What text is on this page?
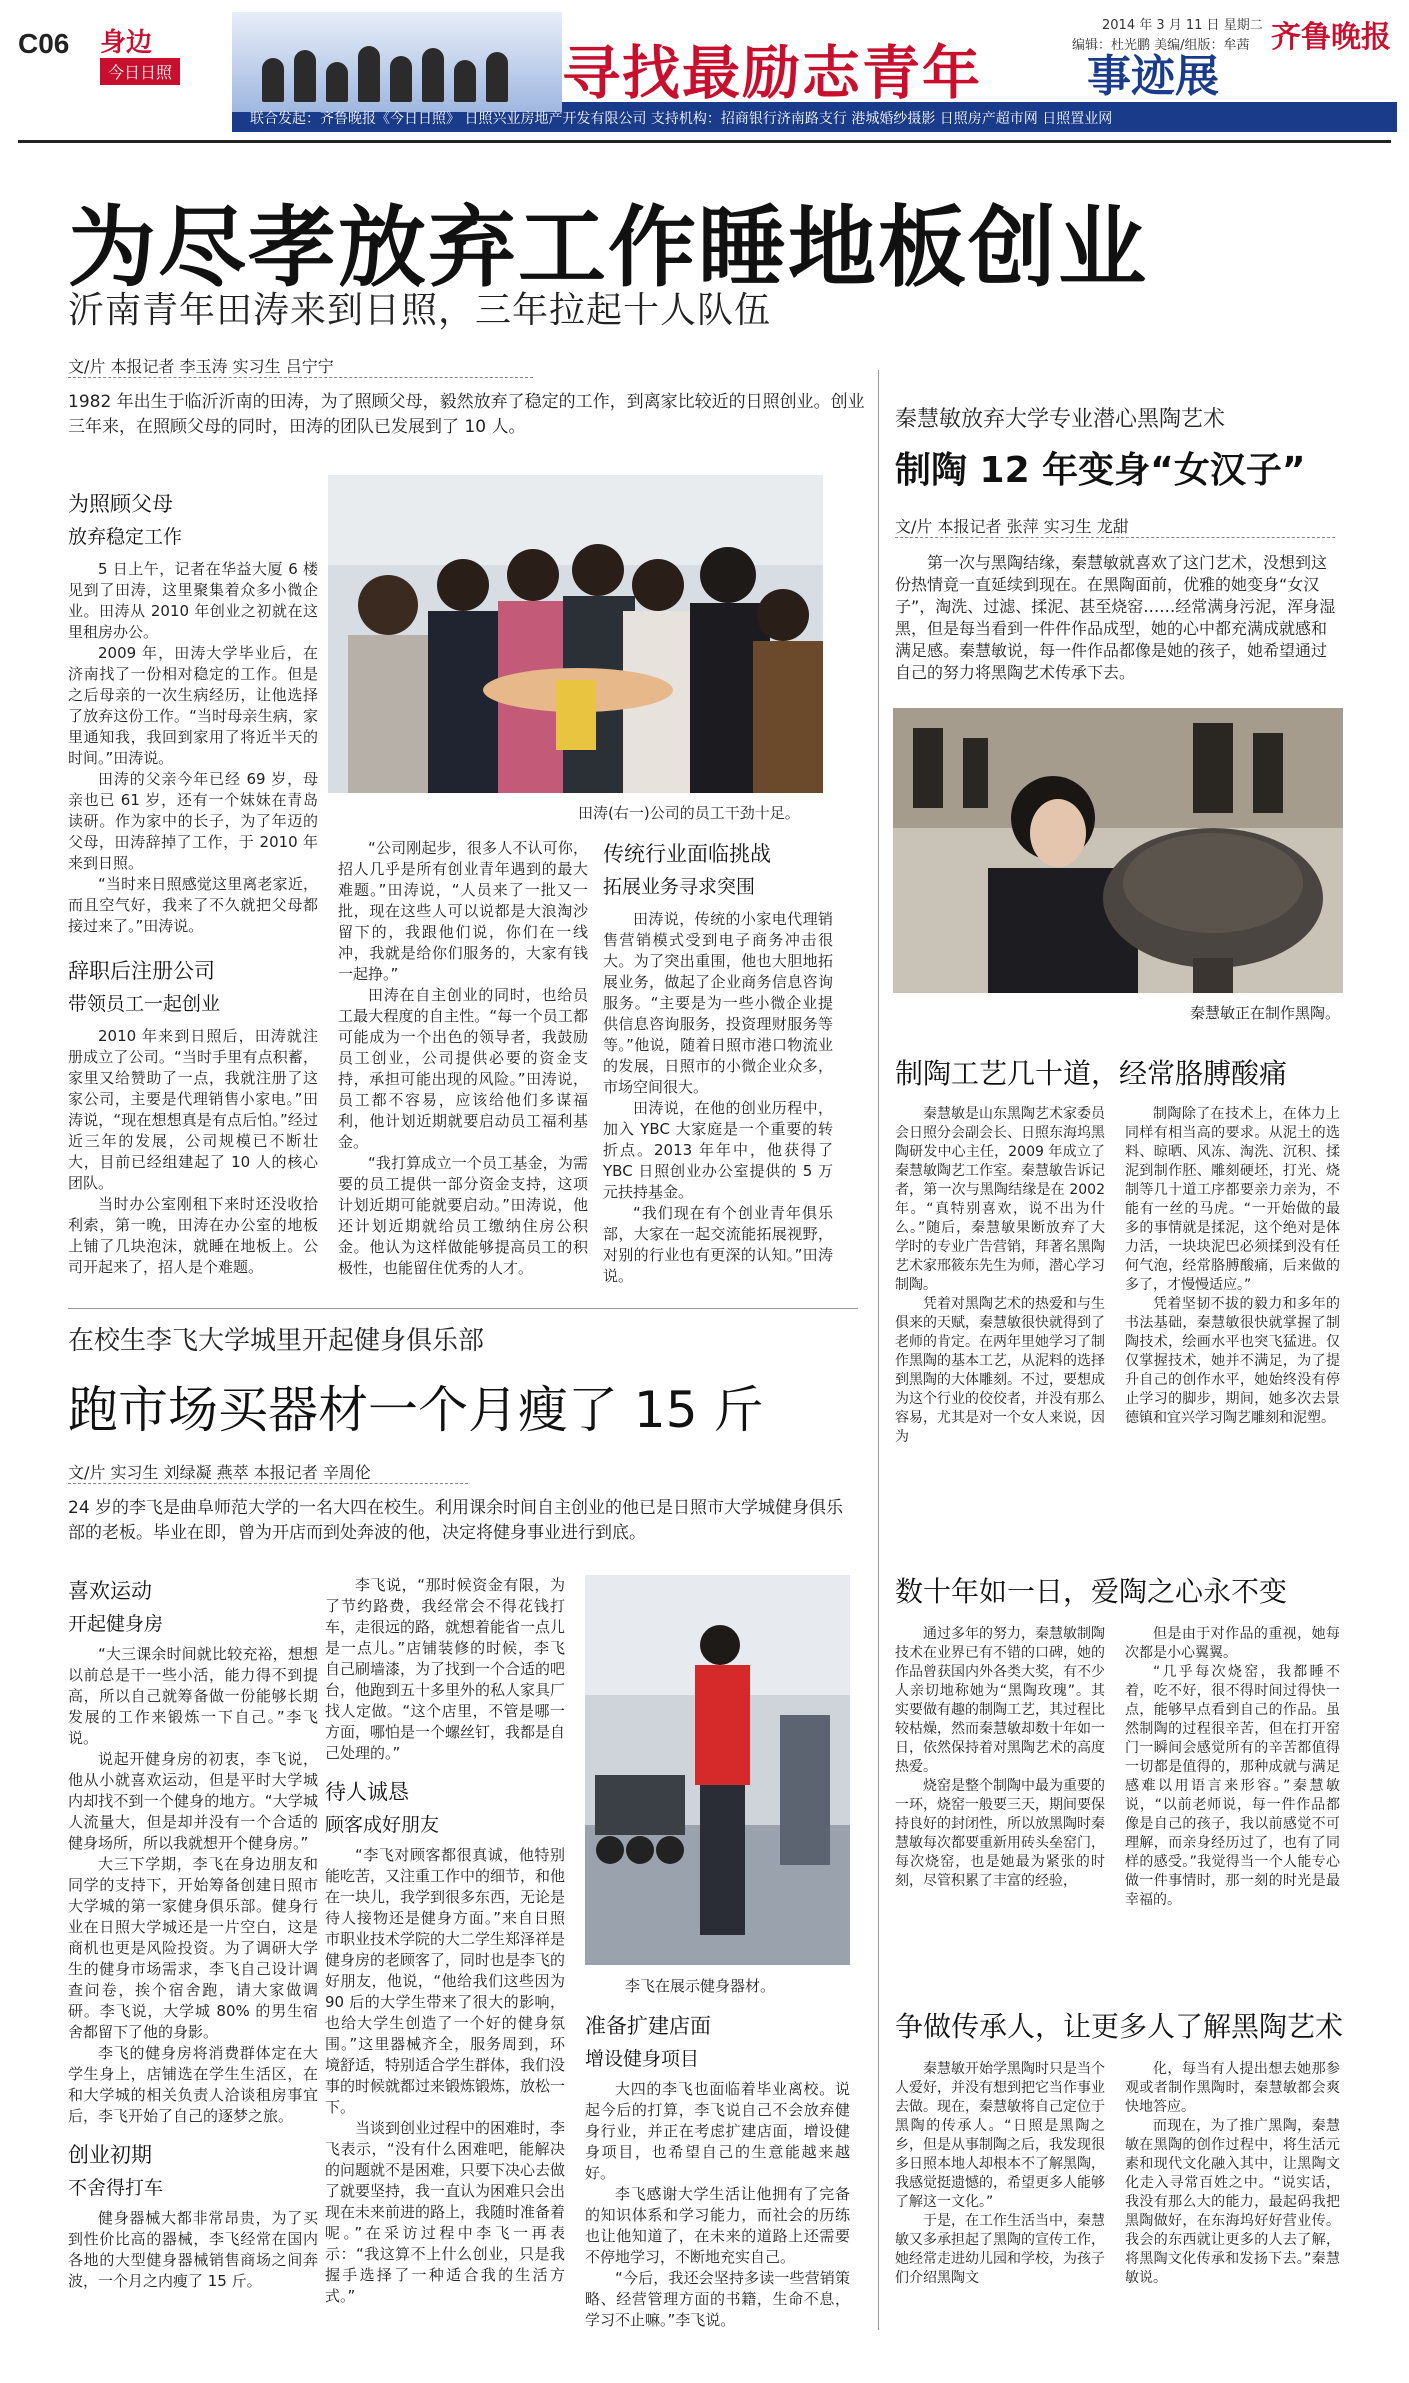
C06 身边
今日日照	寻找最励志青年 事迹展
2014 年 3 月 11 日 星期二
编辑：杜光鹏 美编/组版：牟茜 齐鲁晚报
联合发起：齐鲁晚报《今日日照》 日照兴业房地产开发有限公司 支持机构：招商银行济南路支行 港城婚纱摄影 日照房产超市网 日照置业网
为尽孝放弃工作睡地板创业
沂南青年田涛来到日照，三年拉起十人队伍
文/片 本报记者 李玉涛 实习生 吕宁宁
1982 年出生于临沂沂南的田涛，为了照顾父母，毅然放弃了稳定的工作，到离家比较近的日照创业。创业三年来，在照顾父母的同时，田涛的团队已发展到了 10 人。
为照顾父母
放弃稳定工作

5 日上午，记者在华益大厦 6 楼见到了田涛，这里聚集着众多小微企业。田涛从 2010 年创业之初就在这里租房办公。

2009 年，田涛大学毕业后，在济南找了一份相对稳定的工作。但是之后母亲的一次生病经历，让他选择了放弃这份工作。“当时母亲生病，家里通知我，我回到家用了将近半天的时间。”田涛说。

田涛的父亲今年已经 69 岁，母亲也已 61 岁，还有一个妹妹在青岛读研。作为家中的长子，为了年迈的父母，田涛辞掉了工作，于 2010 年来到日照。

“当时来日照感觉这里离老家近，而且空气好，我来了不久就把父母都接过来了。”田涛说。

辞职后注册公司
带领员工一起创业

2010 年来到日照后，田涛就注册成立了公司。“当时手里有点积蓄，家里又给赞助了一点，我就注册了这家公司，主要是代理销售小家电。”田涛说，“现在想想真是有点后怕。”经过近三年的发展，公司规模已不断壮大，目前已经组建起了 10 人的核心团队。

当时办公室刚租下来时还没收拾利索，第一晚，田涛在办公室的地板上铺了几块泡沫，就睡在地板上。公司开起来了，招人是个难题。

田涛(右一)公司的员工干劲十足。

“公司刚起步，很多人不认可你，招人几乎是所有创业青年遇到的最大难题。”田涛说，“人员来了一批又一批，现在这些人可以说都是大浪淘沙留下的，我跟他们说，你们在一线冲，我就是给你们服务的，大家有钱一起挣。”

田涛在自主创业的同时，也给员工最大程度的自主性。“每一个员工都可能成为一个出色的领导者，我鼓励员工创业，公司提供必要的资金支持，承担可能出现的风险。”田涛说，员工都不容易，应该给他们多谋福利，他计划近期就要启动员工福利基金。

“我打算成立一个员工基金，为需要的员工提供一部分资金支持，这项计划近期可能就要启动。”田涛说，他还计划近期就给员工缴纳住房公积金。他认为这样做能够提高员工的积极性，也能留住优秀的人才。

传统行业面临挑战
拓展业务寻求突围

田涛说，传统的小家电代理销售营销模式受到电子商务冲击很大。为了突出重围，他也大胆地拓展业务，做起了企业商务信息咨询服务。“主要是为一些小微企业提供信息咨询服务，投资理财服务等等。”他说，随着日照市港口物流业的发展，日照市的小微企业众多，市场空间很大。

田涛说，在他的创业历程中，加入 YBC 大家庭是一个重要的转折点。2013 年年中，他获得了 YBC 日照创业办公室提供的 5 万元扶持基金。

“我们现在有个创业青年俱乐部，大家在一起交流能拓展视野，对别的行业也有更深的认知。”田涛说。

在校生李飞大学城里开起健身俱乐部
跑市场买器材一个月瘦了 15 斤
文/片 实习生 刘绿凝 燕萃 本报记者 辛周伦
24 岁的李飞是曲阜师范大学的一名大四在校生。利用课余时间自主创业的他已是日照市大学城健身俱乐部的老板。毕业在即，曾为开店而到处奔波的他，决定将健身事业进行到底。
喜欢运动
开起健身房

“大三课余时间就比较充裕，想想以前总是干一些小活，能力得不到提高，所以自己就筹备做一份能够长期发展的工作来锻炼一下自己。”李飞说。

说起开健身房的初衷，李飞说，他从小就喜欢运动，但是平时大学城内却找不到一个健身的地方。“大学城人流量大，但是却并没有一个合适的健身场所，所以我就想开个健身房。”

大三下学期，李飞在身边朋友和同学的支持下，开始筹备创建日照市大学城的第一家健身俱乐部。健身行业在日照大学城还是一片空白，这是商机也更是风险投资。为了调研大学生的健身市场需求，李飞自己设计调查问卷，挨个宿舍跑，请大家做调研。李飞说，大学城 80% 的男生宿舍都留下了他的身影。

李飞的健身房将消费群体定在大学生身上，店铺选在学生生活区，在和大学城的相关负责人洽谈租房事宜后，李飞开始了自己的逐梦之旅。

创业初期
不舍得打车

健身器械大都非常昂贵，为了买到性价比高的器械，李飞经常在国内各地的大型健身器械销售商场之间奔波，一个月之内瘦了 15 斤。

李飞说，“那时候资金有限，为了节约路费，我经常会不得花钱打车，走很远的路，就想着能省一点儿是一点儿。”店铺装修的时候，李飞自己刷墙漆，为了找到一个合适的吧台，他跑到五十多里外的私人家具厂找人定做。“这个店里，不管是哪一方面，哪怕是一个螺丝钉，我都是自己处理的。”

待人诚恳
顾客成好朋友

“李飞对顾客都很真诚，他特别能吃苦，又注重工作中的细节，和他在一块儿，我学到很多东西，无论是待人接物还是健身方面。”来自日照市职业技术学院的大二学生郑泽祥是健身房的老顾客了，同时也是李飞的好朋友，他说，“他给我们这些因为 90 后的大学生带来了很大的影响，也给大学生创造了一个好的健身氛围。”这里器械齐全，服务周到，环境舒适，特别适合学生群体，我们没事的时候就都过来锻炼锻炼，放松一下。

当谈到创业过程中的困难时，李飞表示，“没有什么困难吧，能解决的问题就不是困难，只要下决心去做了就要坚持，我一直认为困难只会出现在未来前进的路上，我随时准备着呢。”在采访过程中李飞一再表示：“我这算不上什么创业，只是我握手选择了一种适合我的生活方式。”

李飞在展示健身器材。
准备扩建店面
增设健身项目

大四的李飞也面临着毕业离校。说起今后的打算，李飞说自己不会放弃健身行业，并正在考虑扩建店面，增设健身项目，也希望自己的生意能越来越好。

李飞感谢大学生活让他拥有了完备的知识体系和学习能力，而社会的历练也让他知道了，在未来的道路上还需要不停地学习，不断地充实自己。

“今后，我还会坚持多读一些营销策略、经营管理方面的书籍，生命不息，学习不止嘛。”李飞说。

秦慧敏放弃大学专业潜心黑陶艺术
制陶 12 年变身“女汉子”
文/片 本报记者 张萍 实习生 龙甜
第一次与黑陶结缘，秦慧敏就喜欢了这门艺术，没想到这份热情竟一直延续到现在。在黑陶面前，优雅的她变身“女汉子”，淘洗、过滤、揉泥、甚至烧窑……经常满身污泥，浑身湿黑，但是每当看到一件件作品成型，她的心中都充满成就感和满足感。秦慧敏说，每一件作品都像是她的孩子，她希望通过自己的努力将黑陶艺术传承下去。
秦慧敏正在制作黑陶。
制陶工艺几十道，经常胳膊酸痛

秦慧敏是山东黑陶艺术家委员会日照分会副会长、日照东海坞黑陶研发中心主任，2009 年成立了秦慧敏陶艺工作室。秦慧敏告诉记者，第一次与黑陶结缘是在 2002 年。“真特别喜欢，说不出为什么。”随后，秦慧敏果断放弃了大学时的专业广告营销，拜著名黑陶艺术家邢筱东先生为师，潜心学习制陶。

凭着对黑陶艺术的热爱和与生俱来的天赋，秦慧敏很快就得到了老师的肯定。在两年里她学习了制作黑陶的基本工艺，从泥料的选择到黑陶的大体雕刻。不过，要想成为这个行业的佼佼者，并没有那么容易，尤其是对一个女人来说，因为

制陶除了在技术上，在体力上同样有相当高的要求。从泥土的选料、晾晒、风冻、淘洗、沉积、揉泥到制作胚、雕刻硬坯，打光、烧制等几十道工序都要亲力亲为，不能有一丝的马虎。“一开始做的最多的事情就是揉泥，这个绝对是体力活，一块块泥巴必须揉到没有任何气泡，经常胳膊酸痛，后来做的多了，才慢慢适应。”

凭着坚韧不拔的毅力和多年的书法基础，秦慧敏很快就掌握了制陶技术，绘画水平也突飞猛进。仅仅掌握技术，她并不满足，为了提升自己的创作水平，她始终没有停止学习的脚步，期间，她多次去景德镇和宜兴学习陶艺雕刻和泥塑。

数十年如一日，爱陶之心永不变

通过多年的努力，秦慧敏制陶技术在业界已有不错的口碑，她的作品曾获国内外各类大奖，有不少人亲切地称她为“黑陶玫瑰”。其实要做有趣的制陶工艺，其过程比较枯燥，然而秦慧敏却数十年如一日，依然保持着对黑陶艺术的高度热爱。

烧窑是整个制陶中最为重要的一环，烧窑一般要三天，期间要保持良好的封闭性，所以放黑陶时秦慧敏每次都要重新用砖头垒窑门，每次烧窑，也是她最为紧张的时刻，尽管积累了丰富的经验，

但是由于对作品的重视，她每次都是小心翼翼。

“几乎每次烧窑，我都睡不着，吃不好，很不得时间过得快一点，能够早点看到自己的作品。虽然制陶的过程很辛苦，但在打开窑门一瞬间会感觉所有的辛苦都值得一切都是值得的，那种成就与满足感难以用语言来形容。”秦慧敏说，“以前老师说，每一件作品都像是自己的孩子，我以前感觉不可理解，而亲身经历过了，也有了同样的感受。”我觉得当一个人能专心做一件事情时，那一刻的时光是最幸福的。

争做传承人，让更多人了解黑陶艺术

秦慧敏开始学黑陶时只是当个人爱好，并没有想到把它当作事业去做。现在，秦慧敏将自己定位于黑陶的传承人。“日照是黑陶之乡，但是从事制陶之后，我发现很多日照本地人却根本不了解黑陶，我感觉挺遗憾的，希望更多人能够了解这一文化。”

于是，在工作生活当中，秦慧敏又多承担起了黑陶的宣传工作，她经常走进幼儿园和学校，为孩子们介绍黑陶文

化，每当有人提出想去她那参观或者制作黑陶时，秦慧敏都会爽快地答应。

而现在，为了推广黑陶，秦慧敏在黑陶的创作过程中，将生活元素和现代文化融入其中，让黑陶文化走入寻常百姓之中。“说实话，我没有那么大的能力，最起码我把黑陶做好，在东海坞好好营业传。我会的东西就让更多的人去了解，将黑陶文化传承和发扬下去。”秦慧敏说。
